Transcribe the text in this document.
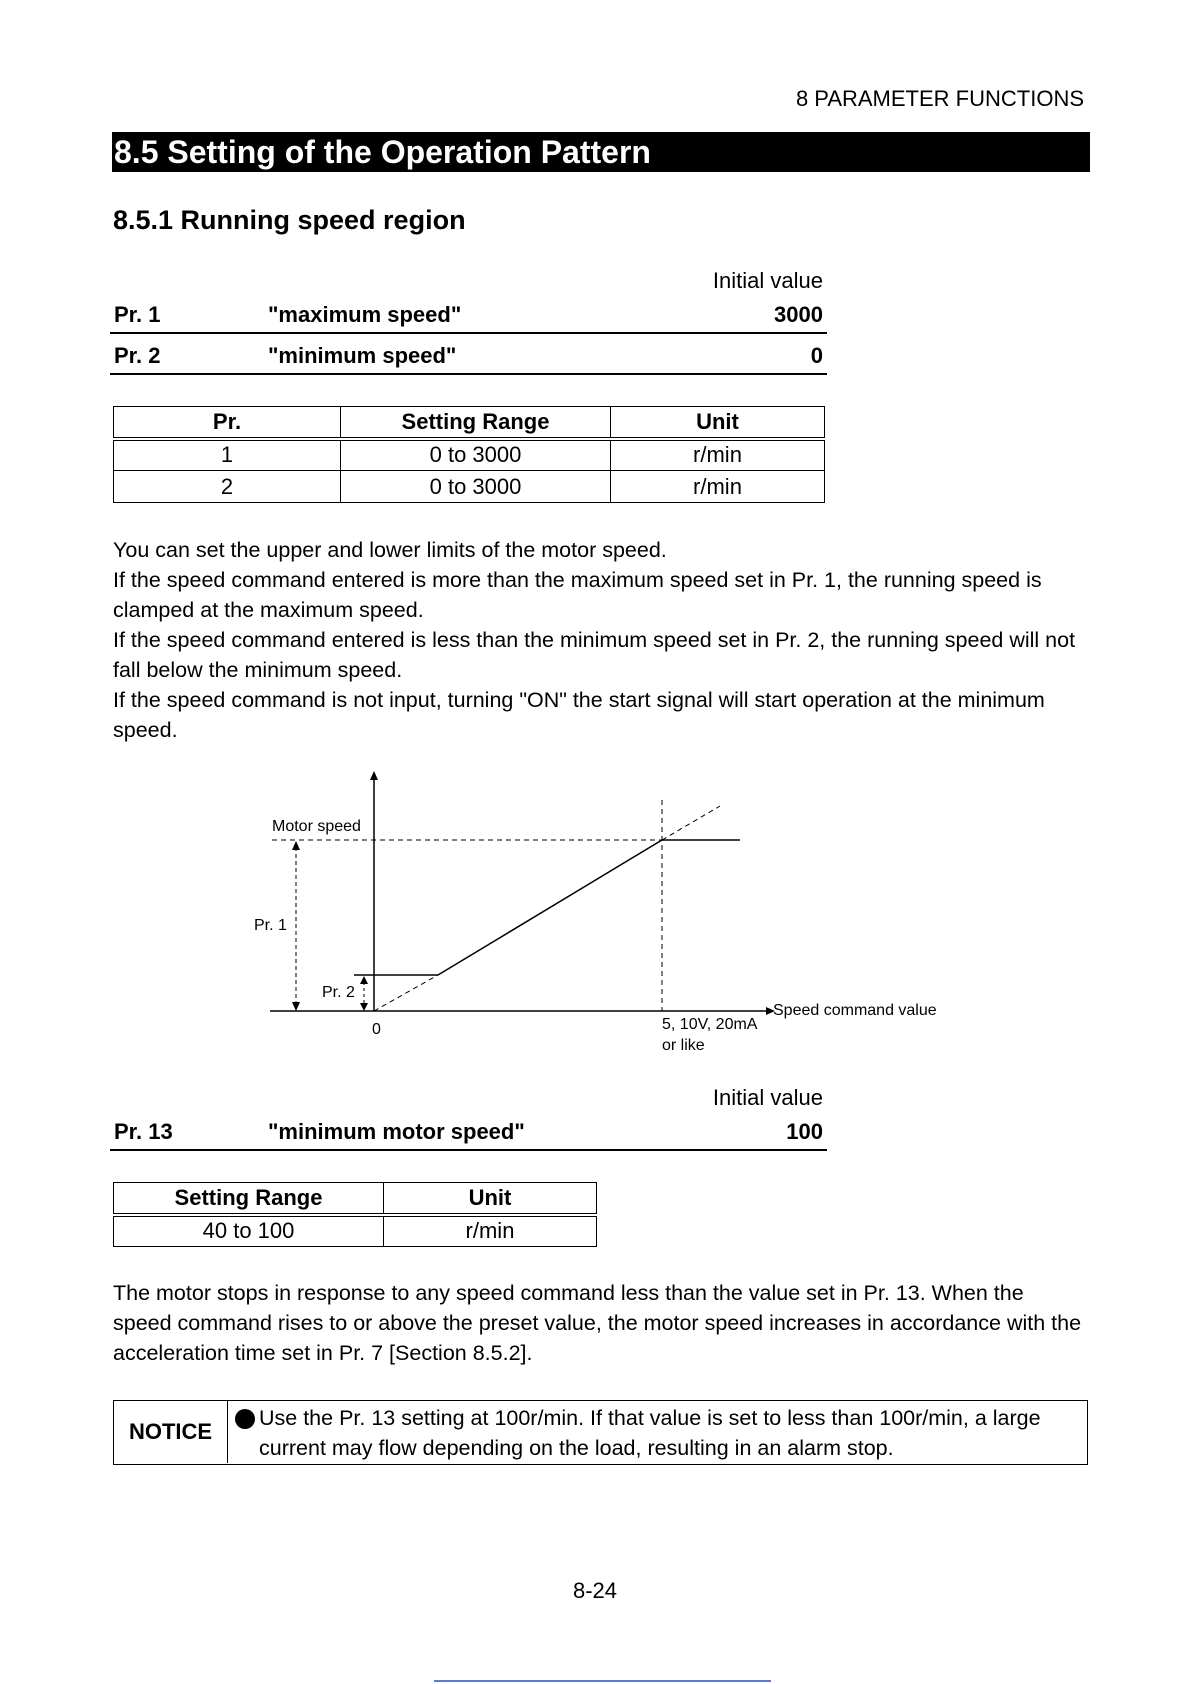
8 PARAMETER FUNCTIONS
8.5 Setting of the Operation Pattern
8.5.1 Running speed region
Initial value
Pr. 1	"maximum speed"	3000
Pr. 2	"minimum speed"	0
Pr.	Setting Range	Unit
1	0 to 3000	r/min
2	0 to 3000	r/min

You can set the upper and lower limits of the motor speed.

If the speed command entered is more than the maximum speed set in Pr. 1, the running speed is clamped at the maximum speed.

If the speed command entered is less than the minimum speed set in Pr. 2, the running speed will not fall below the minimum speed.

If the speed command is not input, turning "ON" the start signal will start operation at the minimum speed.

Motor speed
Pr. 1
Pr. 2
0
Speed command value
5, 10V, 20mA
or like
Initial value
Pr. 13	"minimum motor speed"	100
Setting Range	Unit
40 to 100	r/min

The motor stops in response to any speed command less than the value set in Pr. 13. When the speed command rises to or above the preset value, the motor speed increases in accordance with the acceleration time set in Pr. 7 [Section 8.5.2].

NOTICE
Use the Pr. 13 setting at 100r/min. If that value is set to less than 100r/min, a large current may flow depending on the load, resulting in an alarm stop.
8-24
